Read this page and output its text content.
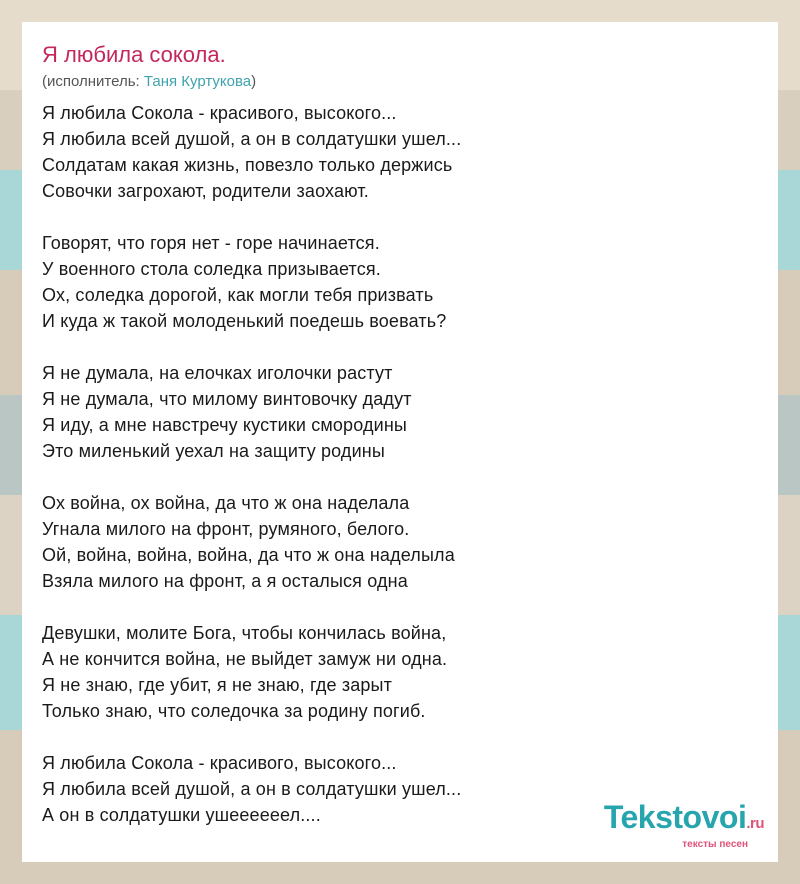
Я любила сокола.
(исполнитель: Таня Куртукова)
Я любила Сокола - красивого, высокого...
Я любила всей душой, а он в солдатушки ушел...
Солдатам какая жизнь, повезло только держись
Совочки загрохают, родители заохают.
Говорят, что горя нет - горе начинается.
У военного стола соледка призывается.
Ох, соледка дорогой, как могли тебя призвать
И куда ж такой молоденький поедешь воевать?
Я не думала, на елочках иголочки растут
Я не думала, что милому винтовочку дадут
Я иду, а мне навстречу кустики смородины
Это миленький уехал на защиту родины
Ох война, ох война, да что ж она наделала
Угнала милого на фронт, румяного, белого.
Ой, война, война, война, да что ж она наделыла
Взяла милого на фронт, а я осталыся одна
Девушки, молите Бога, чтобы кончилась война,
А не кончится война, не выйдет замуж ни одна.
Я не знаю, где убит, я не знаю, где зарыт
Только знаю, что соледочка за родину погиб.
Я любила Сокола - красивого, высокого...
Я любила всей душой, а он в солдатушки ушел...
А он в солдатушки ушеееееел....	Tekstovoi.ru
тексты песен
